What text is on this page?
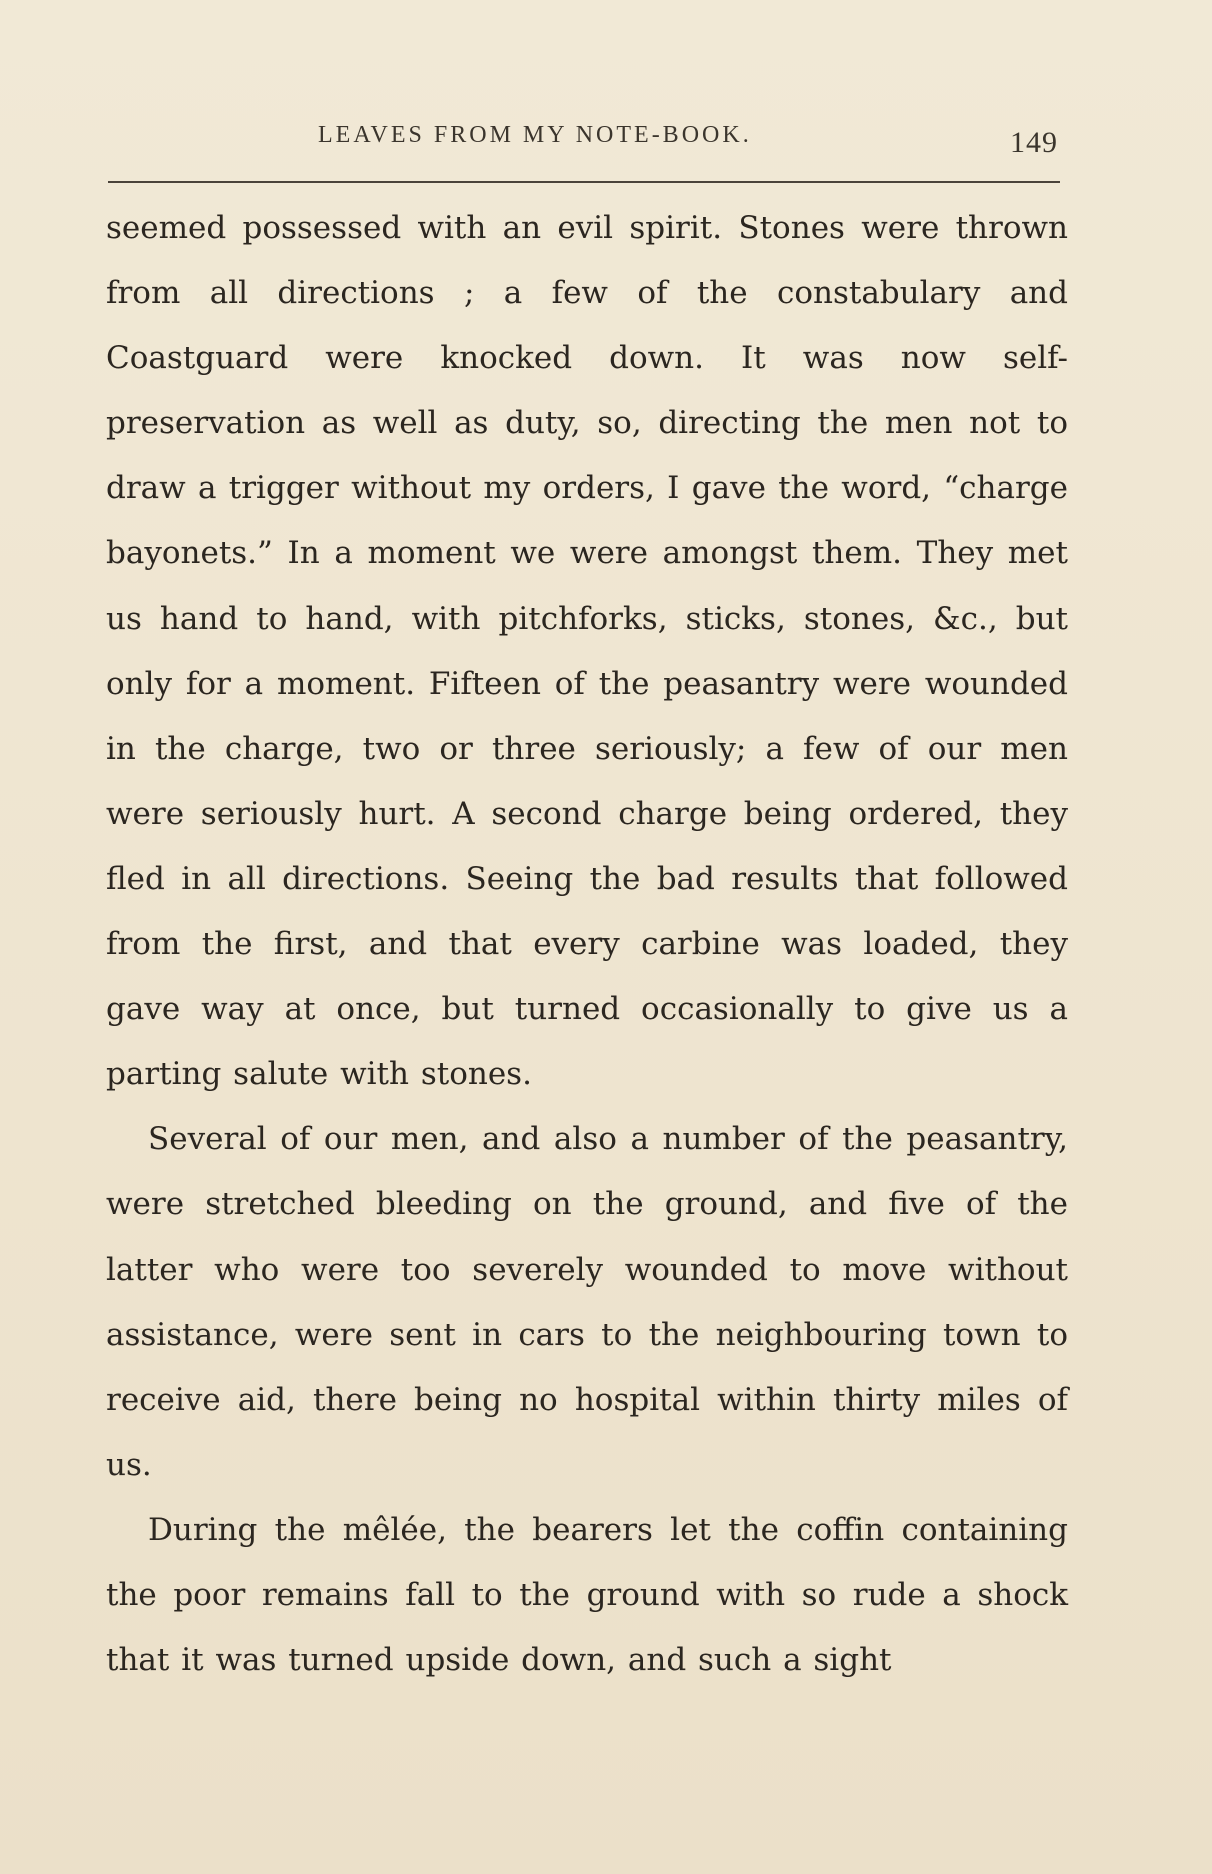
LEAVES FROM MY NOTE-BOOK.	149

seemed possessed with an evil spirit. Stones were thrown from all directions ; a few of the constabulary and Coastguard were knocked down. It was now self-preservation as well as duty, so, directing the men not to draw a trigger without my orders, I gave the word, “charge bayonets.” In a moment we were amongst them. They met us hand to hand, with pitchforks, sticks, stones, &c., but only for a moment. Fifteen of the peasantry were wounded in the charge, two or three seriously; a few of our men were seriously hurt. A second charge being ordered, they fled in all directions. Seeing the bad results that followed from the first, and that every carbine was loaded, they gave way at once, but turned occasionally to give us a parting salute with stones.

Several of our men, and also a number of the peasantry, were stretched bleeding on the ground, and five of the latter who were too severely wounded to move without assistance, were sent in cars to the neighbouring town to receive aid, there being no hospital within thirty miles of us.

During the mêlée, the bearers let the coffin containing the poor remains fall to the ground with so rude a shock that it was turned upside down, and such a sight
